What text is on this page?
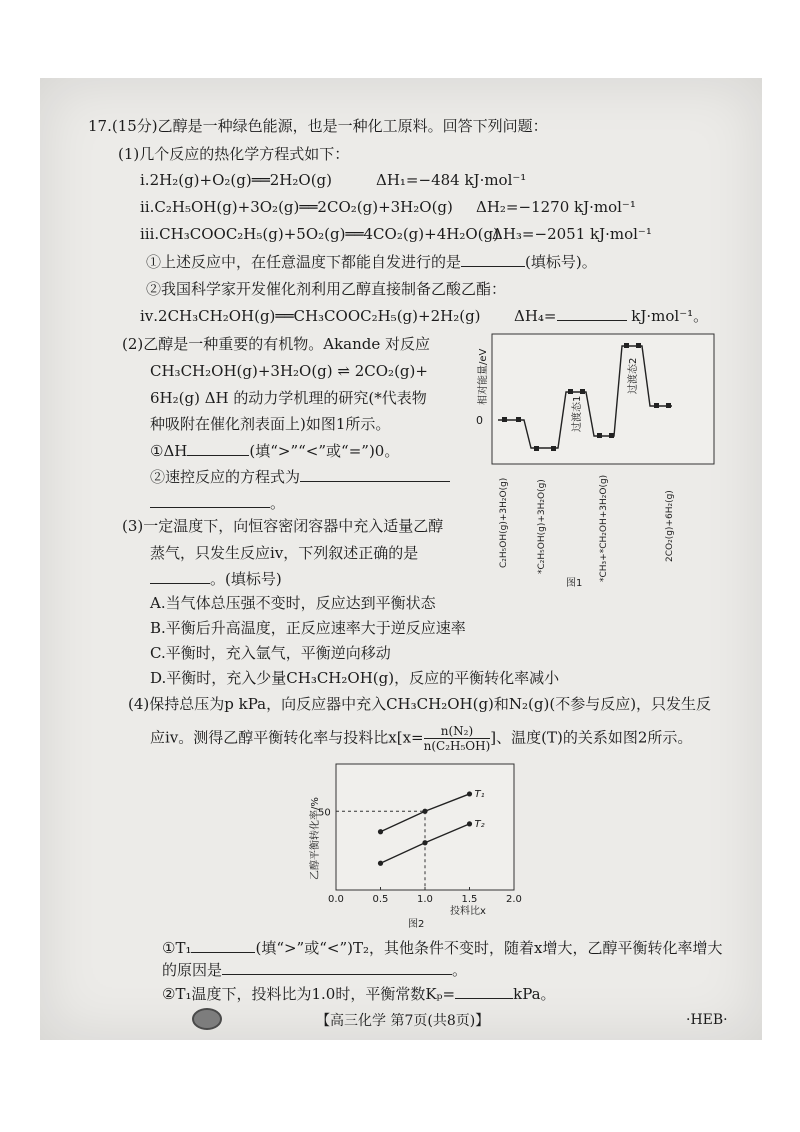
17.(15分)乙醇是一种绿色能源，也是一种化工原料。回答下列问题：
(1)几个反应的热化学方程式如下：
ⅰ.2H₂(g)+O₂(g)══2H₂O(g)	ΔH₁=−484 kJ·mol⁻¹
ⅱ.C₂H₅OH(g)+3O₂(g)══2CO₂(g)+3H₂O(g) ΔH₂=−1270 kJ·mol⁻¹
ⅲ.CH₃COOC₂H₅(g)+5O₂(g)══4CO₂(g)+4H₂O(g)
ΔH₃=−2051 kJ·mol⁻¹
①上述反应中，在任意温度下都能自发进行的是	(填标号)。
②我国科学家开发催化剂利用乙醇直接制备乙酸乙酯：
ⅳ.2CH₃CH₂OH(g)══CH₃COOC₂H₅(g)+2H₂(g) ΔH₄=	kJ·mol⁻¹。
(2)乙醇是一种重要的有机物。Akande 对反应
CH₃CH₂OH(g)+3H₂O(g) ⇌ 2CO₂(g)+
6H₂(g) ΔH 的动力学机理的研究(*代表物
种吸附在催化剂表面上)如图1所示。
①ΔH	(填“>”“<”或“=”)0。
②速控反应的方程式为
。
相对能量/eV
0	过渡态1
过渡态2
C₂H₅OH(g)+3H₂O(g)	*C₂H₅OH(g)+3H₂O(g)	*CH₃+*CH₂OH+3H₂O(g)	2CO₂(g)+6H₂(g)
图1
(3)一定温度下，向恒容密闭容器中充入适量乙醇
蒸气，只发生反应ⅳ，下列叙述正确的是
。(填标号)
A.当气体总压强不变时，反应达到平衡状态
B.平衡后升高温度，正反应速率大于逆反应速率
C.平衡时，充入氩气，平衡逆向移动
D.平衡时，充入少量CH₃CH₂OH(g)，反应的平衡转化率减小
(4)保持总压为p kPa，向反应器中充入CH₃CH₂OH(g)和N₂(g)(不参与反应)，只发生反
应ⅳ。测得乙醇平衡转化率与投料比$x[x= \frac{\text{n(N₂)}}{\text{n(C₂H₅OH)}}$ ]、温度(T)的关系如图2所示。
乙醇平衡转化率/%
投料比x
图2
0.0	0.5	1.0	1.5	2.0
50
T₁
T₂
①T₁	(填“>”或“<”)T₂，其他条件不变时，随着x增大，乙醇平衡转化率增大
的原因是	。
②T₁温度下，投料比为1.0时，平衡常数Kₚ=	kPa。
【高三化学 第7页(共8页)】	·HEB·
